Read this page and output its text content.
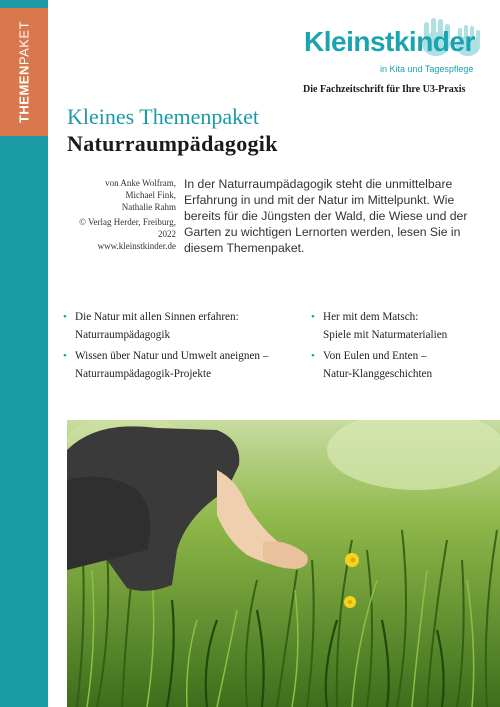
THEMENPAKET	Kleinstkinder
in Kita und Tagespflege
Die Fachzeitschrift für Ihre U3-Praxis
Kleines Themenpaket
Naturraumpädagogik
von Anke Wolfram,
Michael Fink,
Nathalie Rahm
© Verlag Herder, Freiburg, 2022
www.kleinstkinder.de
In der Naturraumpädagogik steht die unmittelbare Erfahrung in und mit der Natur im Mittelpunkt. Wie bereits für die Jüngsten der Wald, die Wiese und der Garten zu wichtigen Lernorten werden, lesen Sie in diesem Themenpaket.
• Die Natur mit allen Sinnen erfahren:
Naturraumpädagogik
• Wissen über Natur und Umwelt aneignen –
Naturraumpädagogik-Projekte
• Her mit dem Matsch:
Spiele mit Naturmaterialien
• Von Eulen und Enten –
Natur-Klanggeschichten
Foto: Getty Images / iStock
